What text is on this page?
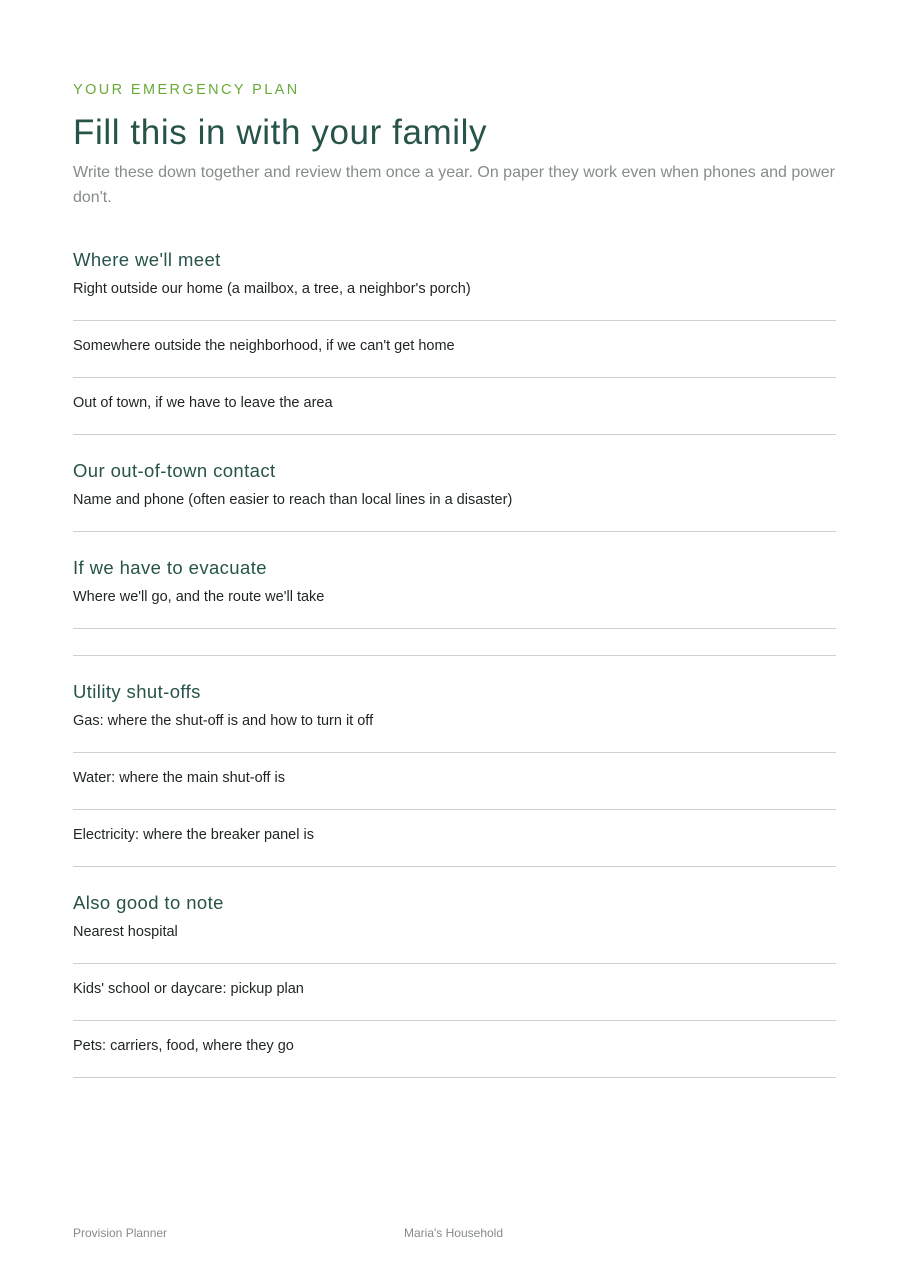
YOUR EMERGENCY PLAN

Fill this in with your family

Write these down together and review them once a year. On paper they work even when phones and power don't.

Where we'll meet
Right outside our home (a mailbox, a tree, a neighbor's porch)
Somewhere outside the neighborhood, if we can't get home
Out of town, if we have to leave the area
Our out-of-town contact
Name and phone (often easier to reach than local lines in a disaster)
If we have to evacuate
Where we'll go, and the route we'll take
Utility shut-offs
Gas: where the shut-off is and how to turn it off
Water: where the main shut-off is
Electricity: where the breaker panel is
Also good to note
Nearest hospital
Kids' school or daycare: pickup plan
Pets: carriers, food, where they go
Provision Planner	Maria's Household
